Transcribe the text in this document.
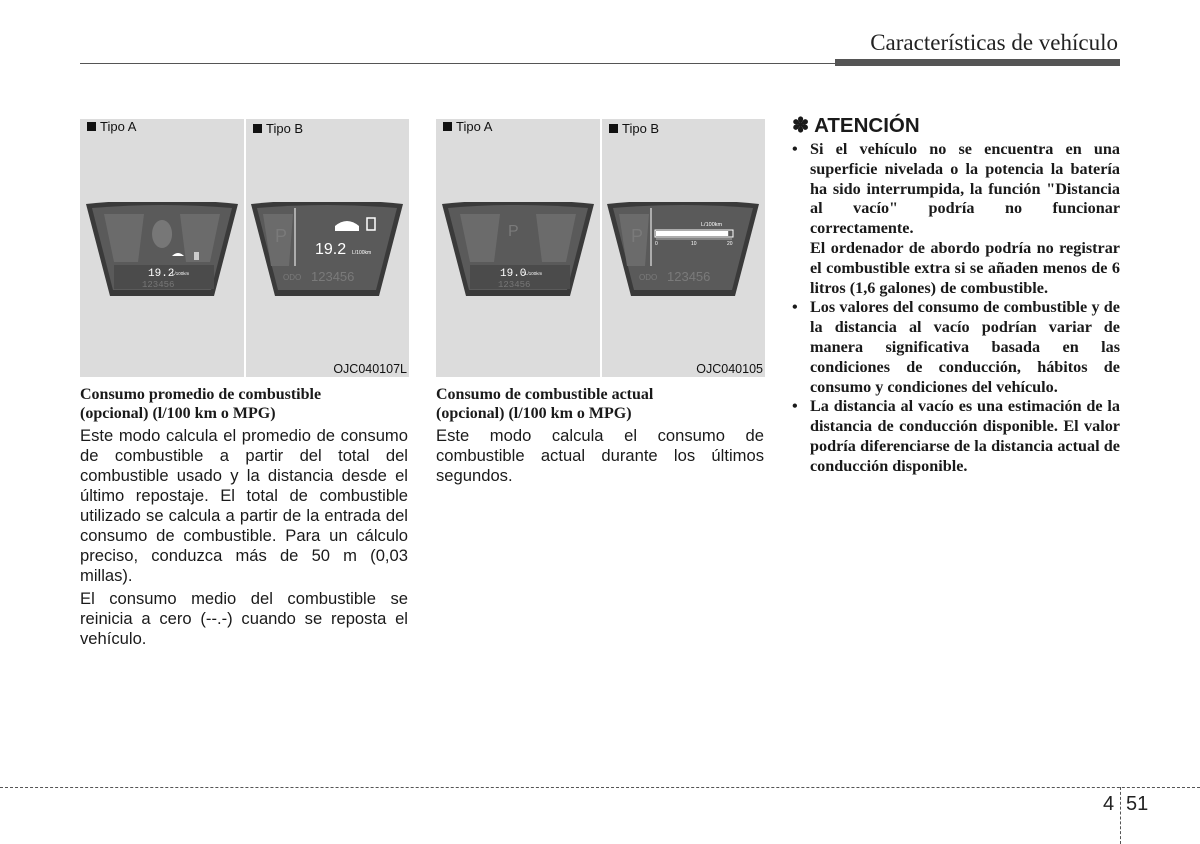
Características de vehículo
Tipo A	Tipo B
19.2
L/100km
123456
P
19.2 L/100km
ODO 123456
OJC040107L
Tipo A	Tipo B
P
19.0
L/100km
123456
P
L/100km
0	10	20
ODO 123456
OJC040105

Consumo promedio de combustible
(opcional) (l/100 km o MPG)

Este modo calcula el promedio de consumo de combustible a partir del total del combustible usado y la distancia desde el último repostaje. El total de combustible utilizado se calcula a partir de la entrada del consumo de combustible. Para un cálculo preciso, conduzca más de 50 m (0,03 millas).

El consumo medio del combustible se reinicia a cero (--.-) cuando se reposta el vehículo.

Consumo de combustible actual
(opcional) (l/100 km o MPG)

Este modo calcula el consumo de combustible actual durante los últimos segundos.

✽ ATENCIÓN
• Si el vehículo no se encuentra en una superficie nivelada o la potencia la batería ha sido interrumpida, la función "Distancia al vacío" podría no funcionar correctamente.

El ordenador de abordo podría no registrar el combustible extra si se añaden menos de 6 litros (1,6 galones) de combustible.

• Los valores del consumo de combustible y de la distancia al vacío podrían variar de manera significativa basada en las condiciones de conducción, hábitos de consumo y condiciones del vehículo.

• La distancia al vacío es una estimación de la distancia de conducción disponible. El valor podría diferenciarse de la distancia actual de conducción disponible.

4 51
